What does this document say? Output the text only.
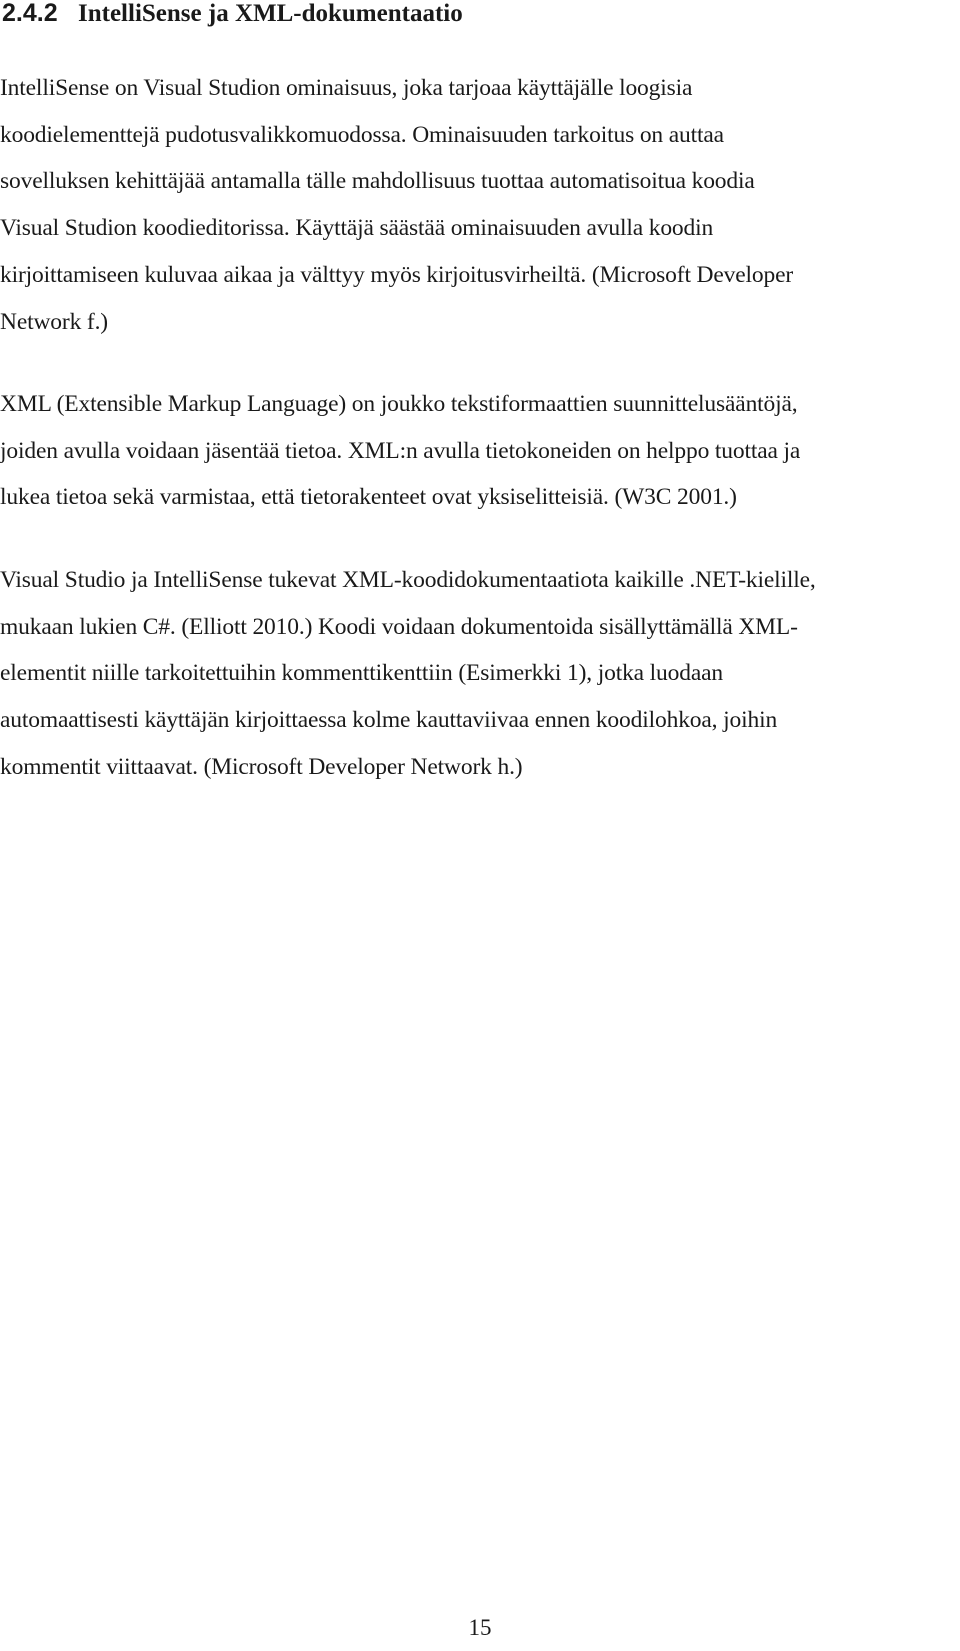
2.4.2 IntelliSense ja XML-dokumentaatio

IntelliSense on Visual Studion ominaisuus, joka tarjoaa käyttäjälle loogisia
koodielementtejä pudotusvalikkomuodossa. Ominaisuuden tarkoitus on auttaa
sovelluksen kehittäjää antamalla tälle mahdollisuus tuottaa automatisoitua koodia
Visual Studion koodieditorissa. Käyttäjä säästää ominaisuuden avulla koodin
kirjoittamiseen kuluvaa aikaa ja välttyy myös kirjoitusvirheiltä. (Microsoft Developer
Network f.)

XML (Extensible Markup Language) on joukko tekstiformaattien suunnittelusääntöjä,
joiden avulla voidaan jäsentää tietoa. XML:n avulla tietokoneiden on helppo tuottaa ja
lukea tietoa sekä varmistaa, että tietorakenteet ovat yksiselitteisiä. (W3C 2001.)

Visual Studio ja IntelliSense tukevat XML-koodidokumentaatiota kaikille .NET-kielille,
mukaan lukien C#. (Elliott 2010.) Koodi voidaan dokumentoida sisällyttämällä XML-
elementit niille tarkoitettuihin kommenttikenttiin (Esimerkki 1), jotka luodaan
automaattisesti käyttäjän kirjoittaessa kolme kauttaviivaa ennen koodilohkoa, joihin
kommentit viittaavat. (Microsoft Developer Network h.)

15
